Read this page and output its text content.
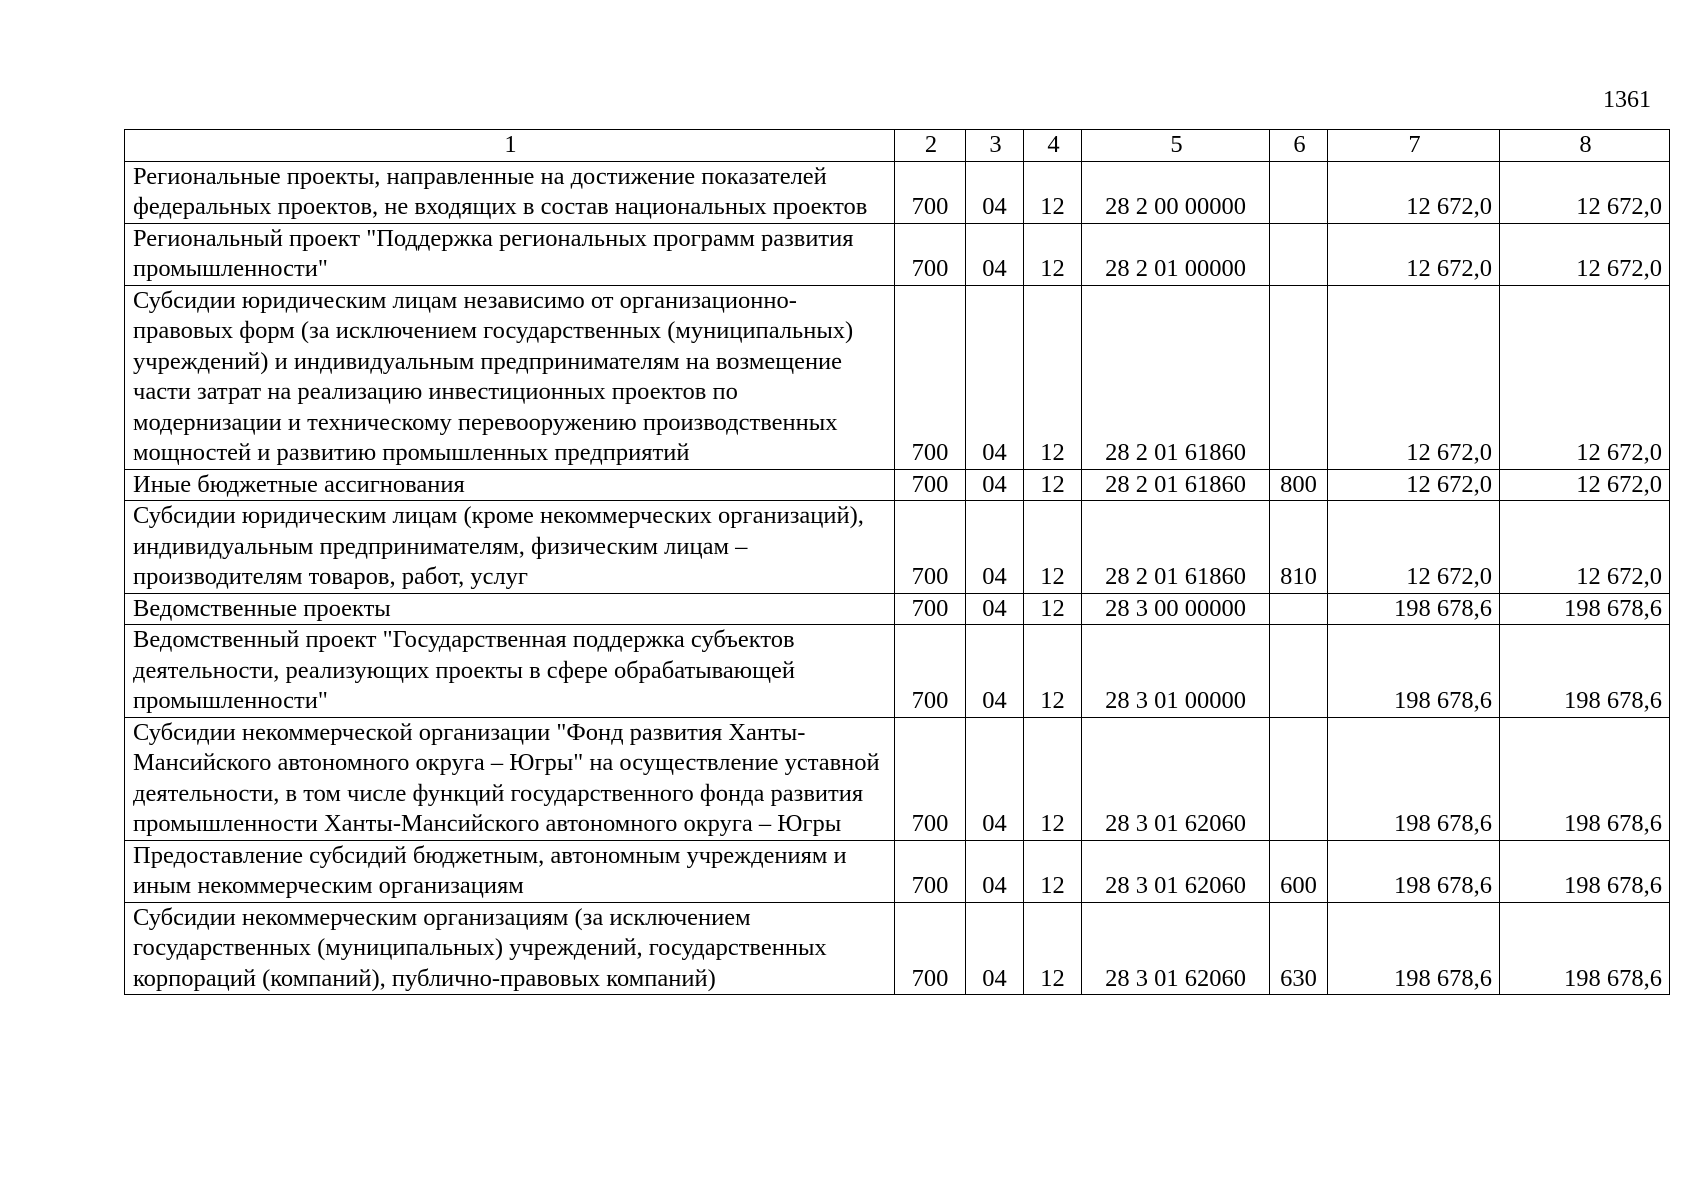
1361
1	2	3	4	5	6	7	8
Региональные проекты, направленные на достижение показателей федеральных проектов, не входящих в состав национальных проектов	700	04	12	28 2 00 00000		12 672,0	12 672,0
Региональный проект "Поддержка региональных программ развития промышленности"	700	04	12	28 2 01 00000		12 672,0	12 672,0
Субсидии юридическим лицам независимо от организационно-правовых форм (за исключением государственных (муниципальных) учреждений) и индивидуальным предпринимателям на возмещение части затрат на реализацию инвестиционных проектов по модернизации и техническому перевооружению производственных мощностей и развитию промышленных предприятий	700	04	12	28 2 01 61860		12 672,0	12 672,0
Иные бюджетные ассигнования	700	04	12	28 2 01 61860	800	12 672,0	12 672,0
Субсидии юридическим лицам (кроме некоммерческих организаций), индивидуальным предпринимателям, физическим лицам – производителям товаров, работ, услуг	700	04	12	28 2 01 61860	810	12 672,0	12 672,0
Ведомственные проекты	700	04	12	28 3 00 00000		198 678,6	198 678,6
Ведомственный проект "Государственная поддержка субъектов деятельности, реализующих проекты в сфере обрабатывающей промышленности"	700	04	12	28 3 01 00000		198 678,6	198 678,6
Субсидии некоммерческой организации "Фонд развития Ханты-Мансийского автономного округа – Югры" на осуществление уставной деятельности, в том числе функций государственного фонда развития промышленности Ханты-Мансийского автономного округа – Югры	700	04	12	28 3 01 62060		198 678,6	198 678,6
Предоставление субсидий бюджетным, автономным учреждениям и иным некоммерческим организациям	700	04	12	28 3 01 62060	600	198 678,6	198 678,6
Субсидии некоммерческим организациям (за исключением государственных (муниципальных) учреждений, государственных корпораций (компаний), публично-правовых компаний)	700	04	12	28 3 01 62060	630	198 678,6	198 678,6
